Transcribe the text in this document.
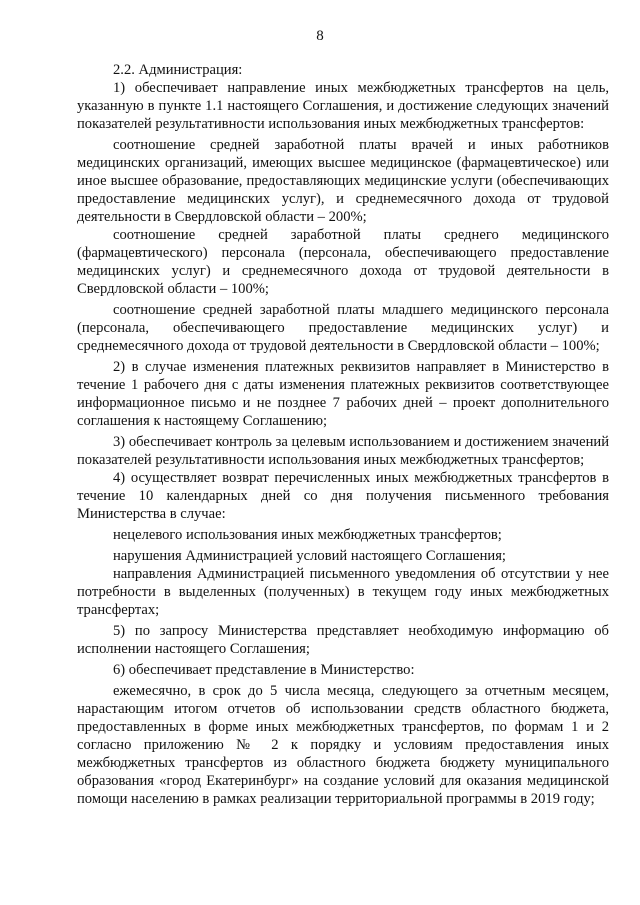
8

2.2. Администрация:

1) обеспечивает направление иных межбюджетных трансфертов на цель, указанную в пункте 1.1 настоящего Соглашения, и достижение следующих значений показателей результативности использования иных межбюджетных трансфертов:

соотношение средней заработной платы врачей и иных работников медицинских организаций, имеющих высшее медицинское (фармацевтическое) или иное высшее образование, предоставляющих медицинские услуги (обеспечивающих предоставление медицинских услуг), и среднемесячного дохода от трудовой деятельности в Свердловской области – 200%;

соотношение средней заработной платы среднего медицинского (фармацевтического) персонала (персонала, обеспечивающего предоставление медицинских услуг) и среднемесячного дохода от трудовой деятельности в Свердловской области – 100%;

соотношение средней заработной платы младшего медицинского персонала (персонала, обеспечивающего предоставление медицинских услуг) и среднемесячного дохода от трудовой деятельности в Свердловской области – 100%;

2) в случае изменения платежных реквизитов направляет в Министерство в течение 1 рабочего дня с даты изменения платежных реквизитов соответствующее информационное письмо и не позднее 7 рабочих дней – проект дополнительного соглашения к настоящему Соглашению;

3) обеспечивает контроль за целевым использованием и достижением значений показателей результативности использования иных межбюджетных трансфертов;

4) осуществляет возврат перечисленных иных межбюджетных трансфертов в течение 10 календарных дней со дня получения письменного требования Министерства в случае:

нецелевого использования иных межбюджетных трансфертов;

нарушения Администрацией условий настоящего Соглашения;

направления Администрацией письменного уведомления об отсутствии у нее потребности в выделенных (полученных) в текущем году иных межбюджетных трансфертах;

5) по запросу Министерства представляет необходимую информацию об исполнении настоящего Соглашения;

6) обеспечивает представление в Министерство:

ежемесячно, в срок до 5 числа месяца, следующего за отчетным месяцем, нарастающим итогом отчетов об использовании средств областного бюджета, предоставленных в форме иных межбюджетных трансфертов, по формам 1 и 2 согласно приложению № 2 к порядку и условиям предоставления иных межбюджетных трансфертов из областного бюджета бюджету муниципального образования «город Екатеринбург» на создание условий для оказания медицинской помощи населению в рамках реализации территориальной программы в 2019 году;
